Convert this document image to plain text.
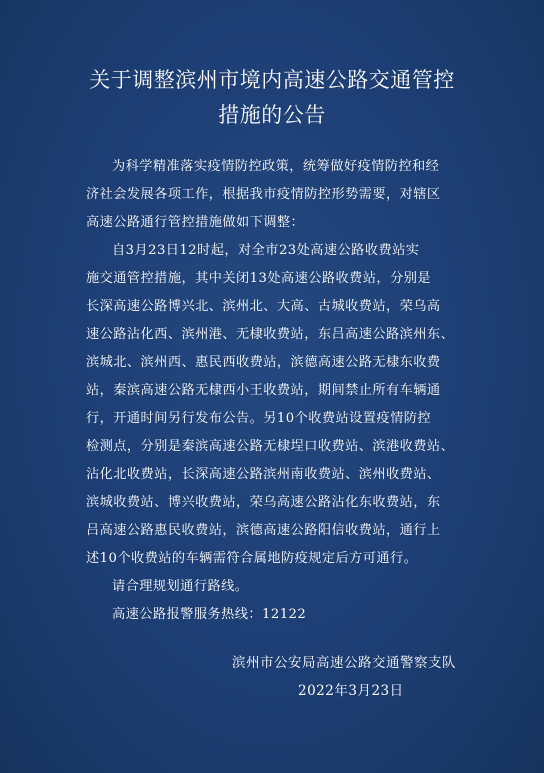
关于调整滨州市境内高速公路交通管控
措施的公告
为科学精准落实疫情防控政策，统筹做好疫情防控和经
济社会发展各项工作，根据我市疫情防控形势需要，对辖区
高速公路通行管控措施做如下调整：
自3月23日12时起，对全市23处高速公路收费站实
施交通管控措施，其中关闭13处高速公路收费站，分别是
长深高速公路博兴北、滨州北、大高、古城收费站，荣乌高
速公路沾化西、滨州港、无棣收费站，东吕高速公路滨州东、
滨城北、滨州西、惠民西收费站，滨德高速公路无棣东收费
站，秦滨高速公路无棣西小王收费站，期间禁止所有车辆通
行，开通时间另行发布公告。另10个收费站设置疫情防控
检测点，分别是秦滨高速公路无棣埕口收费站、滨港收费站、
沾化北收费站，长深高速公路滨州南收费站、滨州收费站、
滨城收费站、博兴收费站，荣乌高速公路沾化东收费站，东
吕高速公路惠民收费站，滨德高速公路阳信收费站，通行上
述10个收费站的车辆需符合属地防疫规定后方可通行。
请合理规划通行路线。
高速公路报警服务热线：12122
滨州市公安局高速公路交通警察支队
2022年3月23日
